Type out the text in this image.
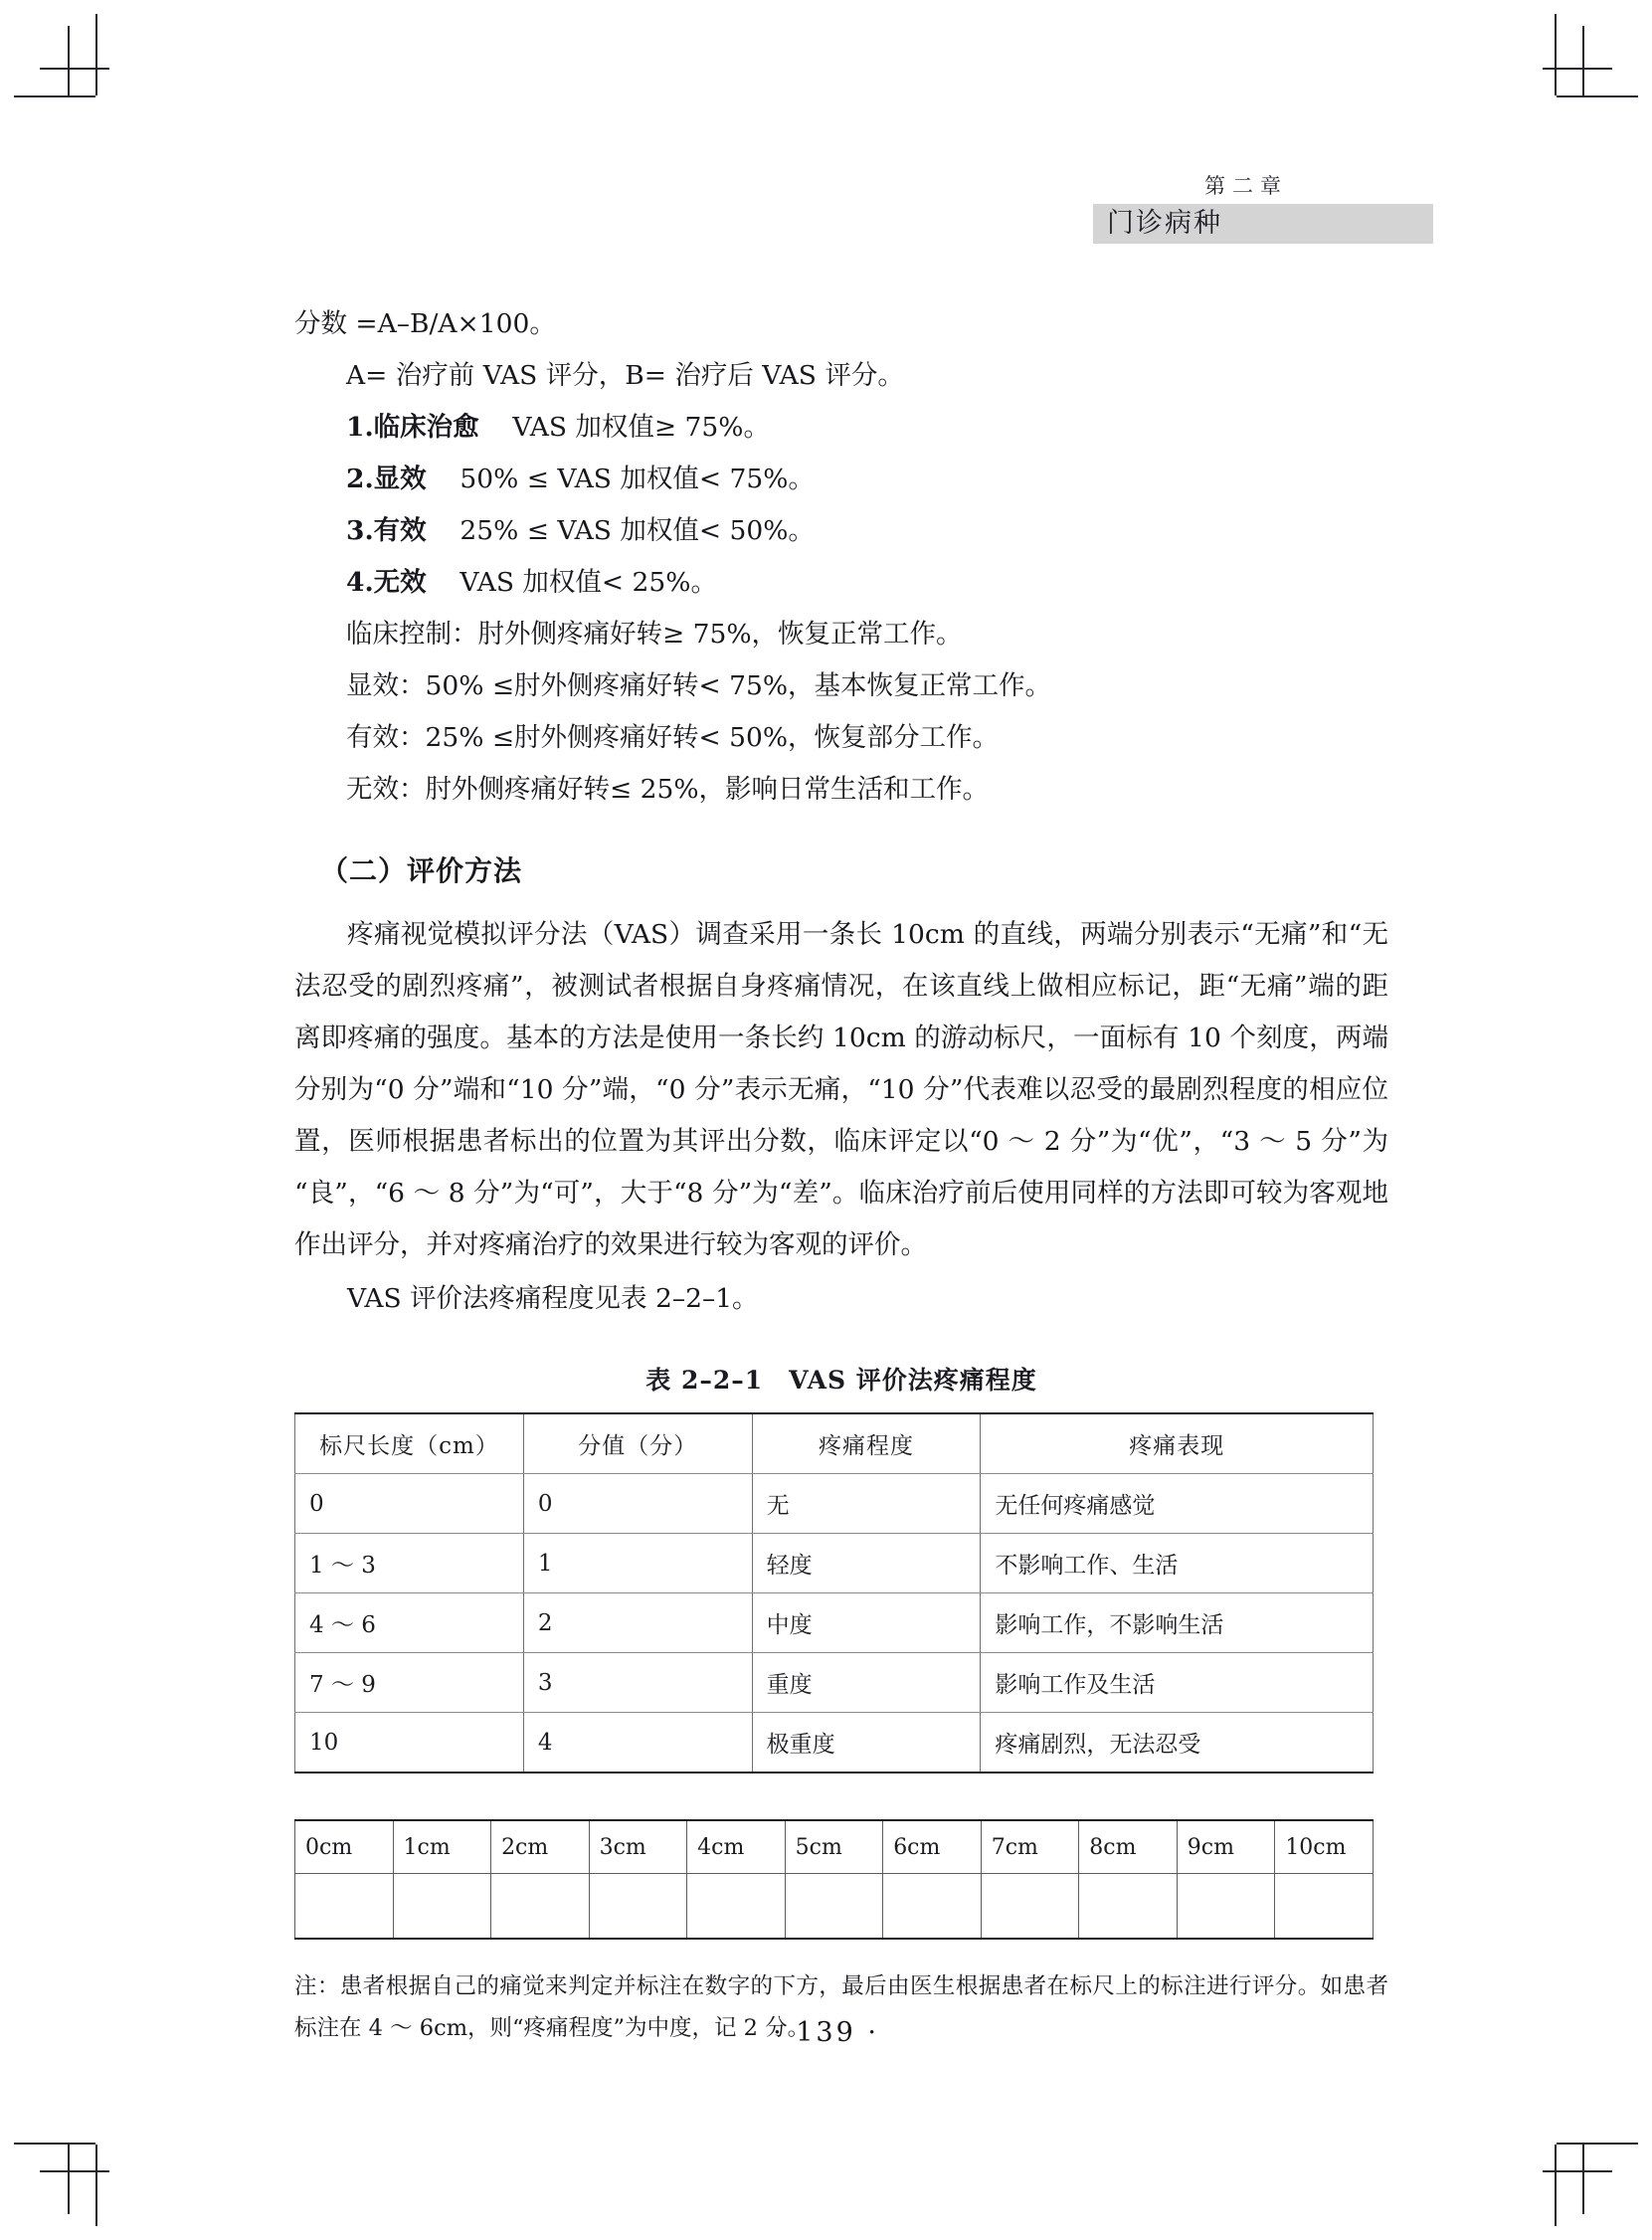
第二章
门诊病种

分数 =A–B/A×100。

A= 治疗前 VAS 评分，B= 治疗后 VAS 评分。

1.临床治愈 VAS 加权值≥ 75%。

2.显效 50% ≤ VAS 加权值< 75%。

3.有效 25% ≤ VAS 加权值< 50%。

4.无效 VAS 加权值< 25%。

临床控制：肘外侧疼痛好转≥ 75%，恢复正常工作。

显效：50% ≤肘外侧疼痛好转< 75%，基本恢复正常工作。

有效：25% ≤肘外侧疼痛好转< 50%，恢复部分工作。

无效：肘外侧疼痛好转≤ 25%，影响日常生活和工作。

（二）评价方法

疼痛视觉模拟评分法（VAS）调查采用一条长 10cm 的直线，两端分别表示“无痛”和“无法忍受的剧烈疼痛”，被测试者根据自身疼痛情况，在该直线上做相应标记，距“无痛”端的距离即疼痛的强度。基本的方法是使用一条长约 10cm 的游动标尺，一面标有 10 个刻度，两端分别为“0 分”端和“10 分”端，“0 分”表示无痛，“10 分”代表难以忍受的最剧烈程度的相应位置，医师根据患者标出的位置为其评出分数，临床评定以“0 ～ 2 分”为“优”，“3 ～ 5 分”为“良”，“6 ～ 8 分”为“可”，大于“8 分”为“差”。临床治疗前后使用同样的方法即可较为客观地作出评分，并对疼痛治疗的效果进行较为客观的评价。

VAS 评价法疼痛程度见表 2–2–1。

表 2–2–1　VAS 评价法疼痛程度
标尺长度（cm）	分值（分）	疼痛程度	疼痛表现
0	0	无	无任何疼痛感觉
1 ～ 3	1	轻度	不影响工作、生活
4 ～ 6	2	中度	影响工作，不影响生活
7 ～ 9	3	重度	影响工作及生活
10	4	极重度	疼痛剧烈，无法忍受
0cm	1cm	2cm	3cm	4cm	5cm	6cm	7cm	8cm	9cm	10cm

注：患者根据自己的痛觉来判定并标注在数字的下方，最后由医生根据患者在标尺上的标注进行评分。如患者标注在 4 ～ 6cm，则“疼痛程度”为中度，记 2 分。

· 139 ·
